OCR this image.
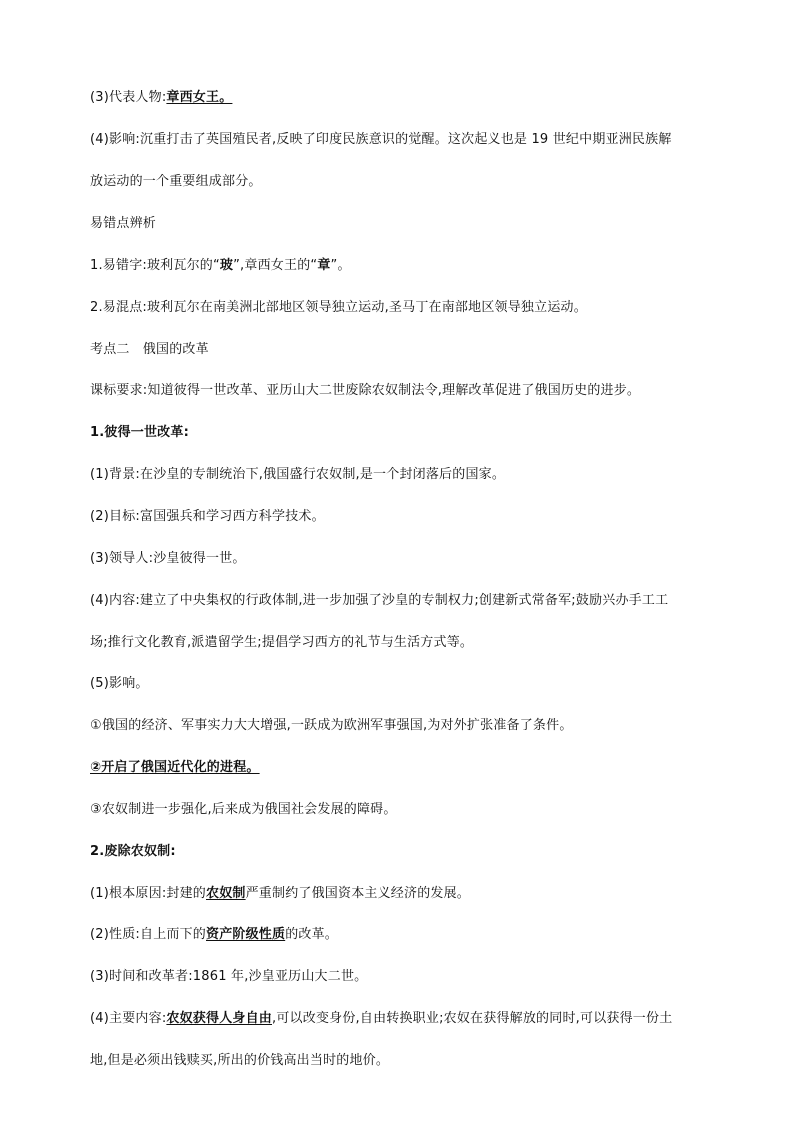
(3)代表人物:章西女王。
(4)影响:沉重打击了英国殖民者,反映了印度民族意识的觉醒。这次起义也是 19 世纪中期亚洲民族解
放运动的一个重要组成部分。
易错点辨析
1.易错字:玻利瓦尔的“玻”,章西女王的“章”。
2.易混点:玻利瓦尔在南美洲北部地区领导独立运动,圣马丁在南部地区领导独立运动。
考点二　俄国的改革
课标要求:知道彼得一世改革、亚历山大二世废除农奴制法令,理解改革促进了俄国历史的进步。
1.彼得一世改革:
(1)背景:在沙皇的专制统治下,俄国盛行农奴制,是一个封闭落后的国家。
(2)目标:富国强兵和学习西方科学技术。
(3)领导人:沙皇彼得一世。
(4)内容:建立了中央集权的行政体制,进一步加强了沙皇的专制权力;创建新式常备军;鼓励兴办手工工
场;推行文化教育,派遣留学生;提倡学习西方的礼节与生活方式等。
(5)影响。
①俄国的经济、军事实力大大增强,一跃成为欧洲军事强国,为对外扩张准备了条件。
②开启了俄国近代化的进程。
③农奴制进一步强化,后来成为俄国社会发展的障碍。
2.废除农奴制:
(1)根本原因:封建的农奴制严重制约了俄国资本主义经济的发展。
(2)性质:自上而下的资产阶级性质的改革。
(3)时间和改革者:1861 年,沙皇亚历山大二世。
(4)主要内容:农奴获得人身自由,可以改变身份,自由转换职业;农奴在获得解放的同时,可以获得一份土
地,但是必须出钱赎买,所出的价钱高出当时的地价。
